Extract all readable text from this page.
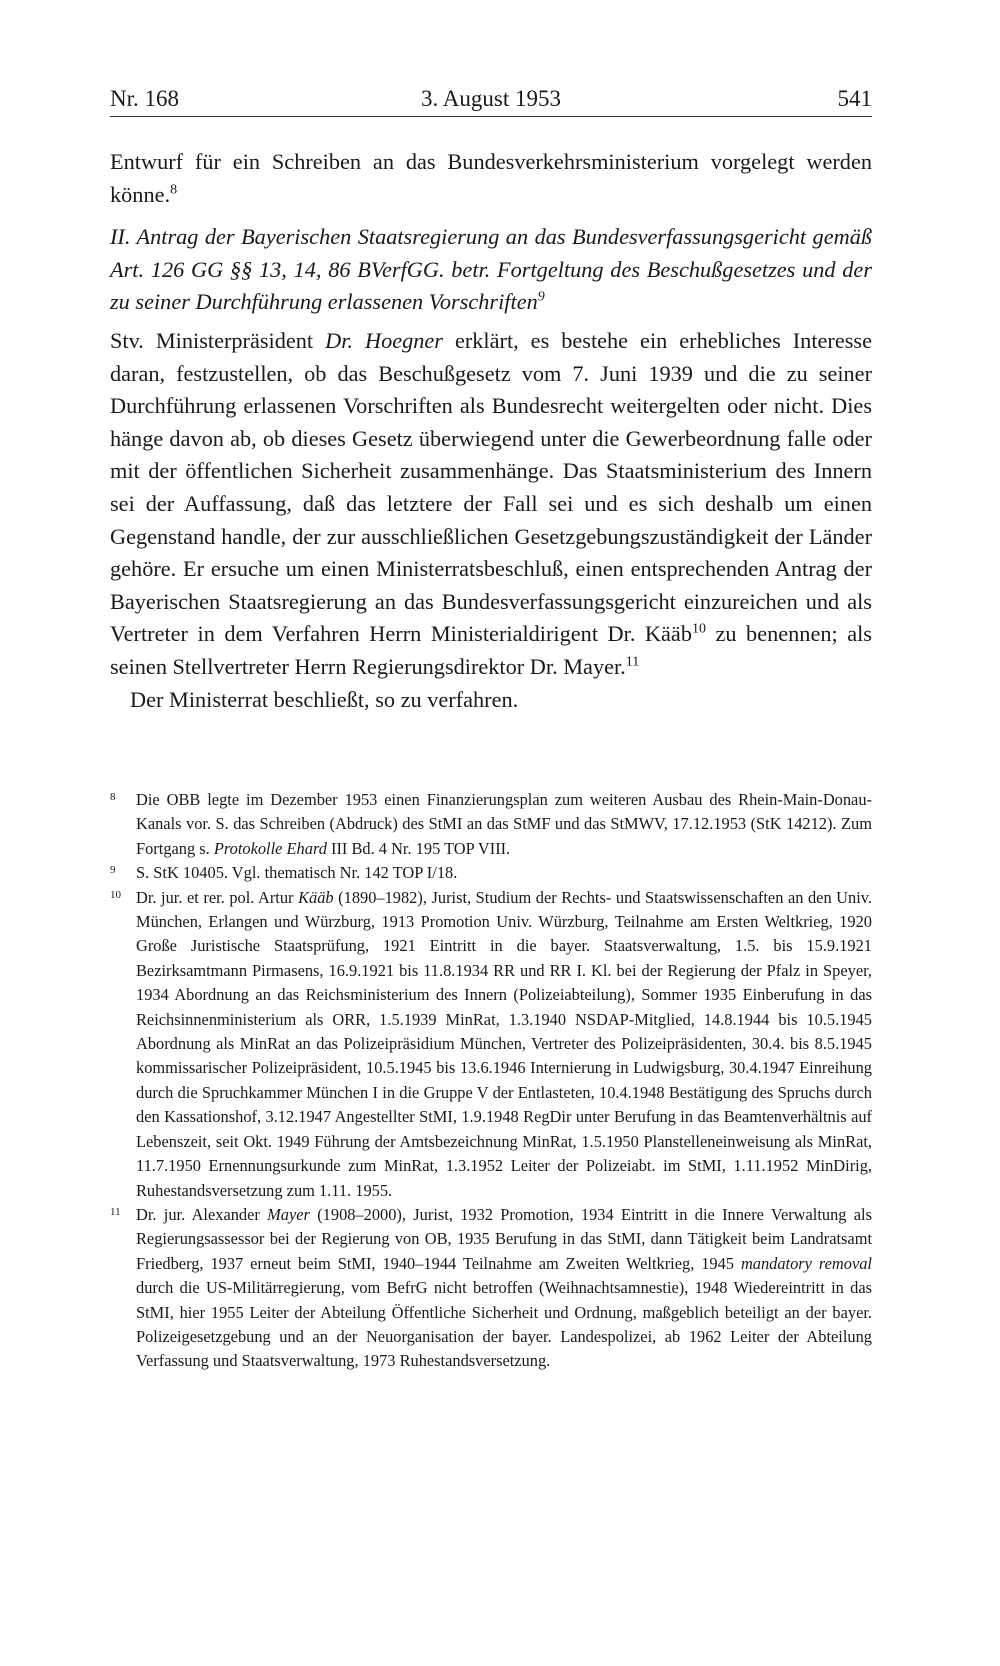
Nr. 168	3. August 1953	541

Entwurf für ein Schreiben an das Bundesverkehrsministerium vorgelegt werden könne.$^8$

II. Antrag der Bayerischen Staatsregierung an das Bundesverfassungsgericht gemäß Art. 126 GG §§ 13, 14, 86 BVerfGG. betr. Fortgeltung des Beschußgesetzes und der zu seiner Durchführung erlassenen Vorschriften$^9$

Stv. Ministerpräsident Dr. Hoegner erklärt, es bestehe ein erhebliches Interesse daran, festzustellen, ob das Beschußgesetz vom 7. Juni 1939 und die zu seiner Durchführung erlassenen Vorschriften als Bundesrecht weitergelten oder nicht. Dies hänge davon ab, ob dieses Gesetz überwiegend unter die Gewerbeordnung falle oder mit der öffentlichen Sicherheit zusammenhänge. Das Staatsministerium des Innern sei der Auffassung, daß das letztere der Fall sei und es sich deshalb um einen Gegenstand handle, der zur ausschließlichen Gesetzgebungszuständigkeit der Länder gehöre. Er ersuche um einen Ministerratsbeschluß, einen entsprechenden Antrag der Bayerischen Staatsregierung an das Bundesverfassungsgericht einzureichen und als Vertreter in dem Verfahren Herrn Ministerialdirigent Dr. Kääb$^{10}$ zu benennen; als seinen Stellvertreter Herrn Regierungsdirektor Dr. Mayer.$^{11}$

Der Ministerrat beschließt, so zu verfahren.

8 Die OBB legte im Dezember 1953 einen Finanzierungsplan zum weiteren Ausbau des Rhein-Main-Donau-Kanals vor. S. das Schreiben (Abdruck) des StMI an das StMF und das StMWV, 17.12.1953 (StK 14212). Zum Fortgang s. Protokolle Ehard III Bd. 4 Nr. 195 TOP VIII.
9 S. StK 10405. Vgl. thematisch Nr. 142 TOP I/18.
10 Dr. jur. et rer. pol. Artur Kääb (1890–1982), Jurist, Studium der Rechts- und Staatswissenschaften an den Univ. München, Erlangen und Würzburg, 1913 Promotion Univ. Würzburg, Teilnahme am Ersten Weltkrieg, 1920 Große Juristische Staatsprüfung, 1921 Eintritt in die bayer. Staatsverwaltung, 1.5. bis 15.9.1921 Bezirksamtmann Pirmasens, 16.9.1921 bis 11.8.1934 RR und RR I. Kl. bei der Regierung der Pfalz in Speyer, 1934 Abordnung an das Reichsministerium des Innern (Polizeiabteilung), Sommer 1935 Einberufung in das Reichsinnenministerium als ORR, 1.5.1939 MinRat, 1.3.1940 NSDAP-Mitglied, 14.8.1944 bis 10.5.1945 Abordnung als MinRat an das Polizeipräsidium München, Vertreter des Polizeipräsidenten, 30.4. bis 8.5.1945 kommissarischer Polizeipräsident, 10.5.1945 bis 13.6.1946 Internierung in Ludwigsburg, 30.4.1947 Einreihung durch die Spruchkammer München I in die Gruppe V der Entlasteten, 10.4.1948 Bestätigung des Spruchs durch den Kassationshof, 3.12.1947 Angestellter StMI, 1.9.1948 RegDir unter Berufung in das Beamtenverhältnis auf Lebenszeit, seit Okt. 1949 Führung der Amtsbezeichnung MinRat, 1.5.1950 Planstelleneinweisung als MinRat, 11.7.1950 Ernennungsurkunde zum MinRat, 1.3.1952 Leiter der Polizeiabt. im StMI, 1.11.1952 MinDirig, Ruhestandsversetzung zum 1.11. 1955.
11 Dr. jur. Alexander Mayer (1908–2000), Jurist, 1932 Promotion, 1934 Eintritt in die Innere Verwaltung als Regierungsassessor bei der Regierung von OB, 1935 Berufung in das StMI, dann Tätigkeit beim Landratsamt Friedberg, 1937 erneut beim StMI, 1940–1944 Teilnahme am Zweiten Weltkrieg, 1945 mandatory removal durch die US-Militärregierung, vom BefrG nicht betroffen (Weihnachtsamnestie), 1948 Wiedereintritt in das StMI, hier 1955 Leiter der Abteilung Öffentliche Sicherheit und Ordnung, maßgeblich beteiligt an der bayer. Polizeigesetzgebung und an der Neuorganisation der bayer. Landespolizei, ab 1962 Leiter der Abteilung Verfassung und Staatsverwaltung, 1973 Ruhestandsversetzung.
